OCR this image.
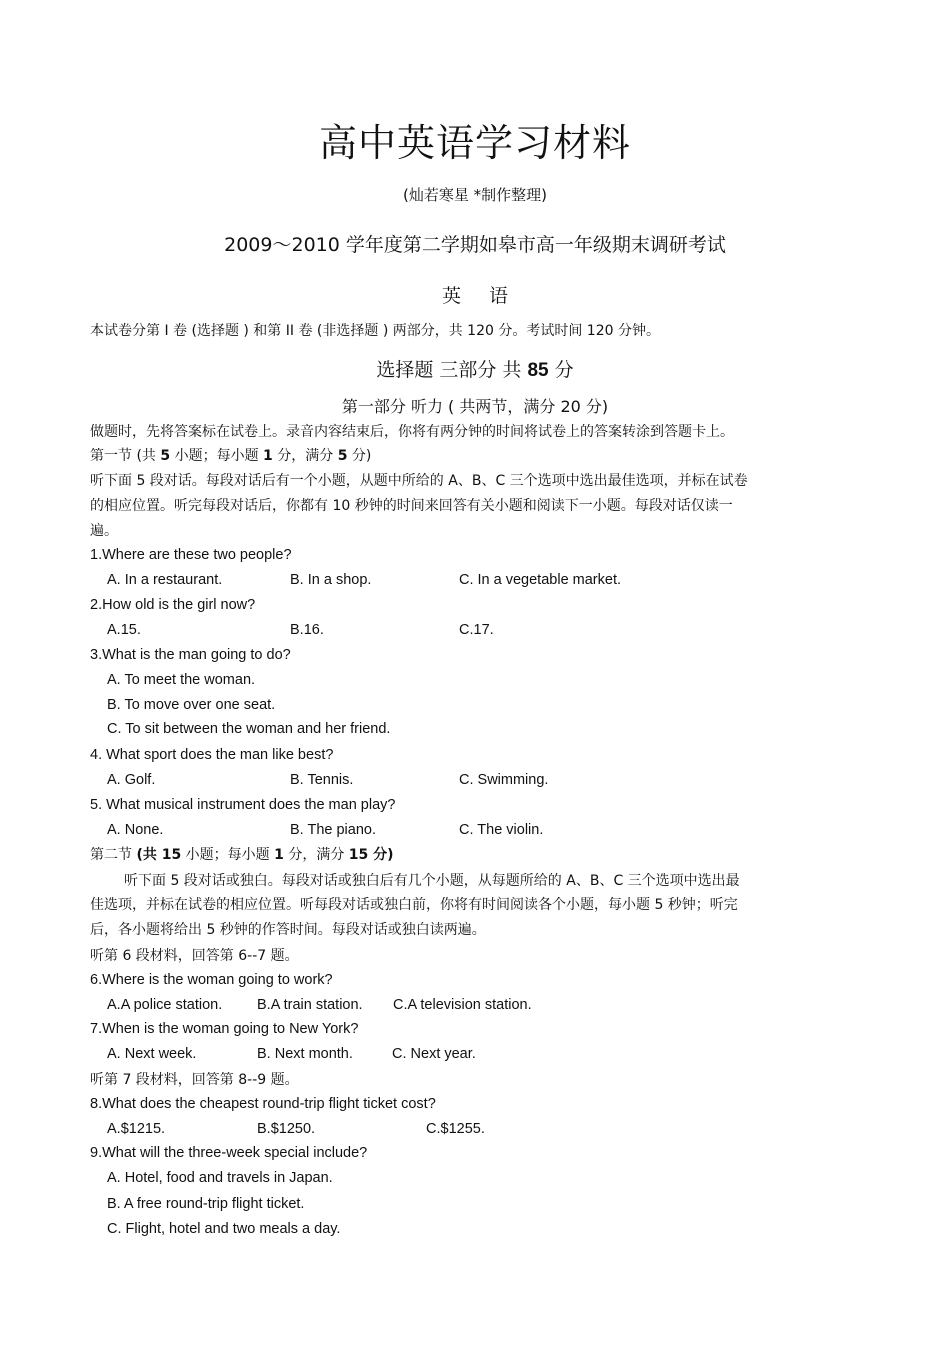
高中英语学习材料
(灿若寒星 *制作整理)
2009～2010 学年度第二学期如皋市高一年级期末调研考试
英语
本试卷分第 I 卷 (选择题 ) 和第 II 卷 (非选择题 ) 两部分，共 120 分。考试时间 120 分钟。
选择题 三部分 共 85 分
第一部分 听力 ( 共两节，满分 20 分)
做题时，先将答案标在试卷上。录音内容结束后，你将有两分钟的时间将试卷上的答案转涂到答题卡上。
第一节 (共 5 小题；每小题 1 分，满分 5 分)
听下面 5 段对话。每段对话后有一个小题，从题中所给的 A、B、C 三个选项中选出最佳选项，并标在试卷
的相应位置。听完每段对话后，你都有 10 秒钟的时间来回答有关小题和阅读下一小题。每段对话仅读一
遍。
1.Where are these two people?
A. In a restaurant.	B. In a shop.	C. In a vegetable market.
2.How old is the girl now?
A.15.	B.16.	C.17.
3.What is the man going to do?
A. To meet the woman.
B. To move over one seat.
C. To sit between the woman and her friend.
4. What sport does the man like best?
A. Golf.	B. Tennis.	C. Swimming.
5. What musical instrument does the man play?
A. None.	B. The piano.	C. The violin.
第二节 (共 15 小题；每小题 1 分，满分 15 分)
听下面 5 段对话或独白。每段对话或独白后有几个小题，从每题所给的 A、B、C 三个选项中选出最
佳选项，并标在试卷的相应位置。听每段对话或独白前，你将有时间阅读各个小题，每小题 5 秒钟；听完
后，各小题将给出 5 秒钟的作答时间。每段对话或独白读两遍。
听第 6 段材料，回答第 6--7 题。
6.Where is the woman going to work?
A.A police station. B.A train station. C.A television station.
7.When is the woman going to New York?
A. Next week.	B. Next month.	C. Next year.
听第 7 段材料，回答第 8--9 题。
8.What does the cheapest round-trip flight ticket cost?
A.$1215.	B.$1250.	C.$1255.
9.What will the three-week special include?
A. Hotel, food and travels in Japan.
B. A free round-trip flight ticket.
C. Flight, hotel and two meals a day.
